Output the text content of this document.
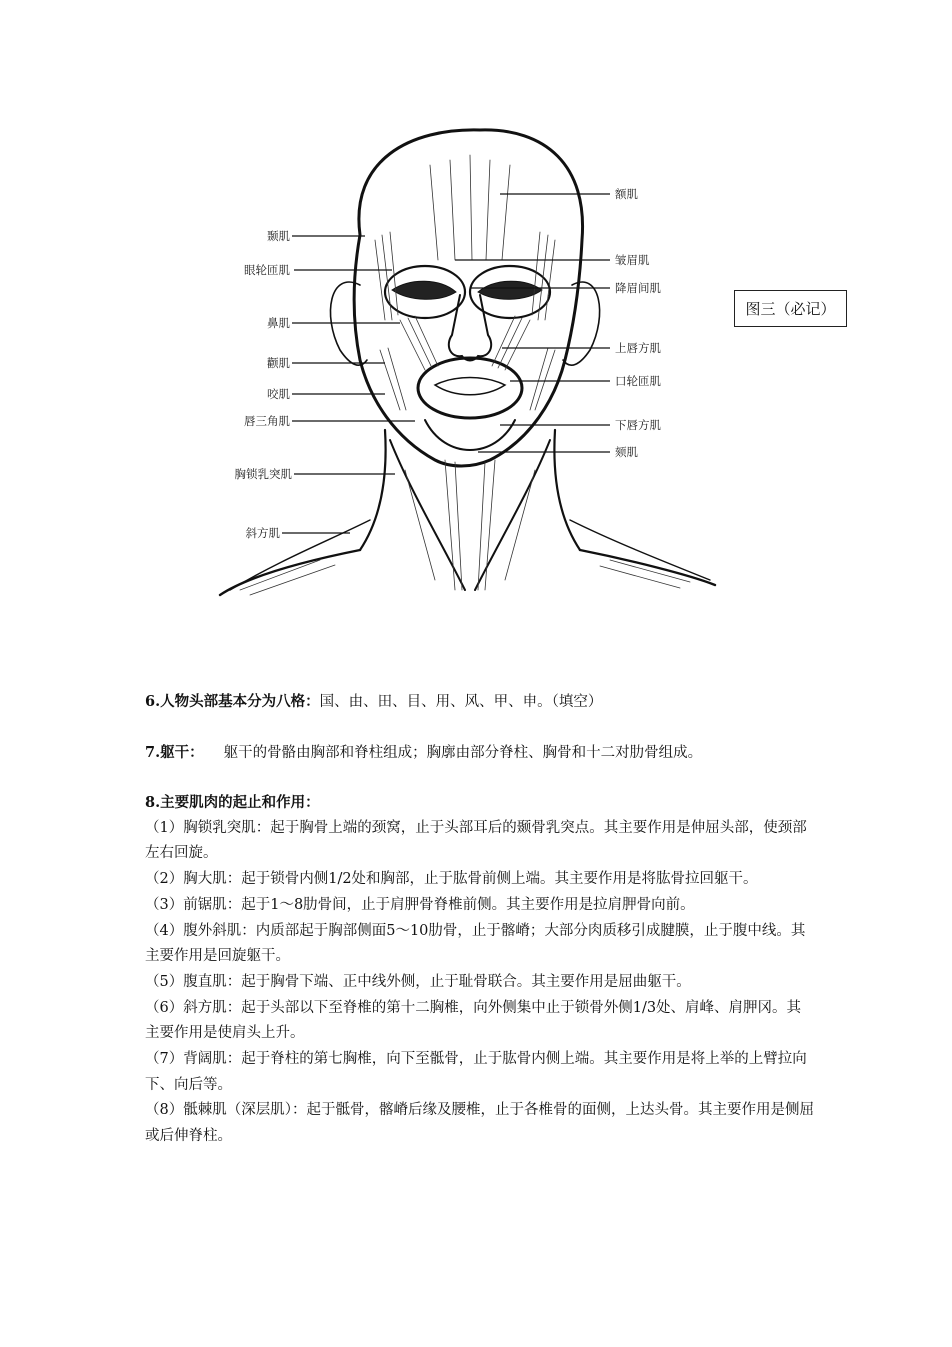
颞肌
眼轮匝肌
鼻肌
颧肌
咬肌
唇三角肌
胸锁乳突肌
斜方肌
额肌
皱眉肌
降眉间肌
上唇方肌
口轮匝肌
下唇方肌
颏肌
图三（必记）
6.人物头部基本分为八格：国、由、田、目、用、风、甲、申。（填空）
7.躯干： 躯干的骨骼由胸部和脊柱组成；胸廓由部分脊柱、胸骨和十二对肋骨组成。

8.主要肌肉的起止和作用：

（1）胸锁乳突肌：起于胸骨上端的颈窝，止于头部耳后的颞骨乳突点。其主要作用是伸屈头部，使颈部左右回旋。

（2）胸大肌：起于锁骨内侧1/2处和胸部，止于肱骨前侧上端。其主要作用是将肱骨拉回躯干。

（3）前锯肌：起于1～8肋骨间，止于肩胛骨脊椎前侧。其主要作用是拉肩胛骨向前。

（4）腹外斜肌：内质部起于胸部侧面5～10肋骨，止于髂嵴；大部分肉质移引成腱膜，止于腹中线。其主要作用是回旋躯干。

（5）腹直肌：起于胸骨下端、正中线外侧，止于耻骨联合。其主要作用是屈曲躯干。

（6）斜方肌：起于头部以下至脊椎的第十二胸椎，向外侧集中止于锁骨外侧1/3处、肩峰、肩胛冈。其主要作用是使肩头上升。

（7）背阔肌：起于脊柱的第七胸椎，向下至骶骨，止于肱骨内侧上端。其主要作用是将上举的上臂拉向下、向后等。

（8）骶棘肌（深层肌）：起于骶骨，髂嵴后缘及腰椎，止于各椎骨的面侧，上达头骨。其主要作用是侧屈或后伸脊柱。
